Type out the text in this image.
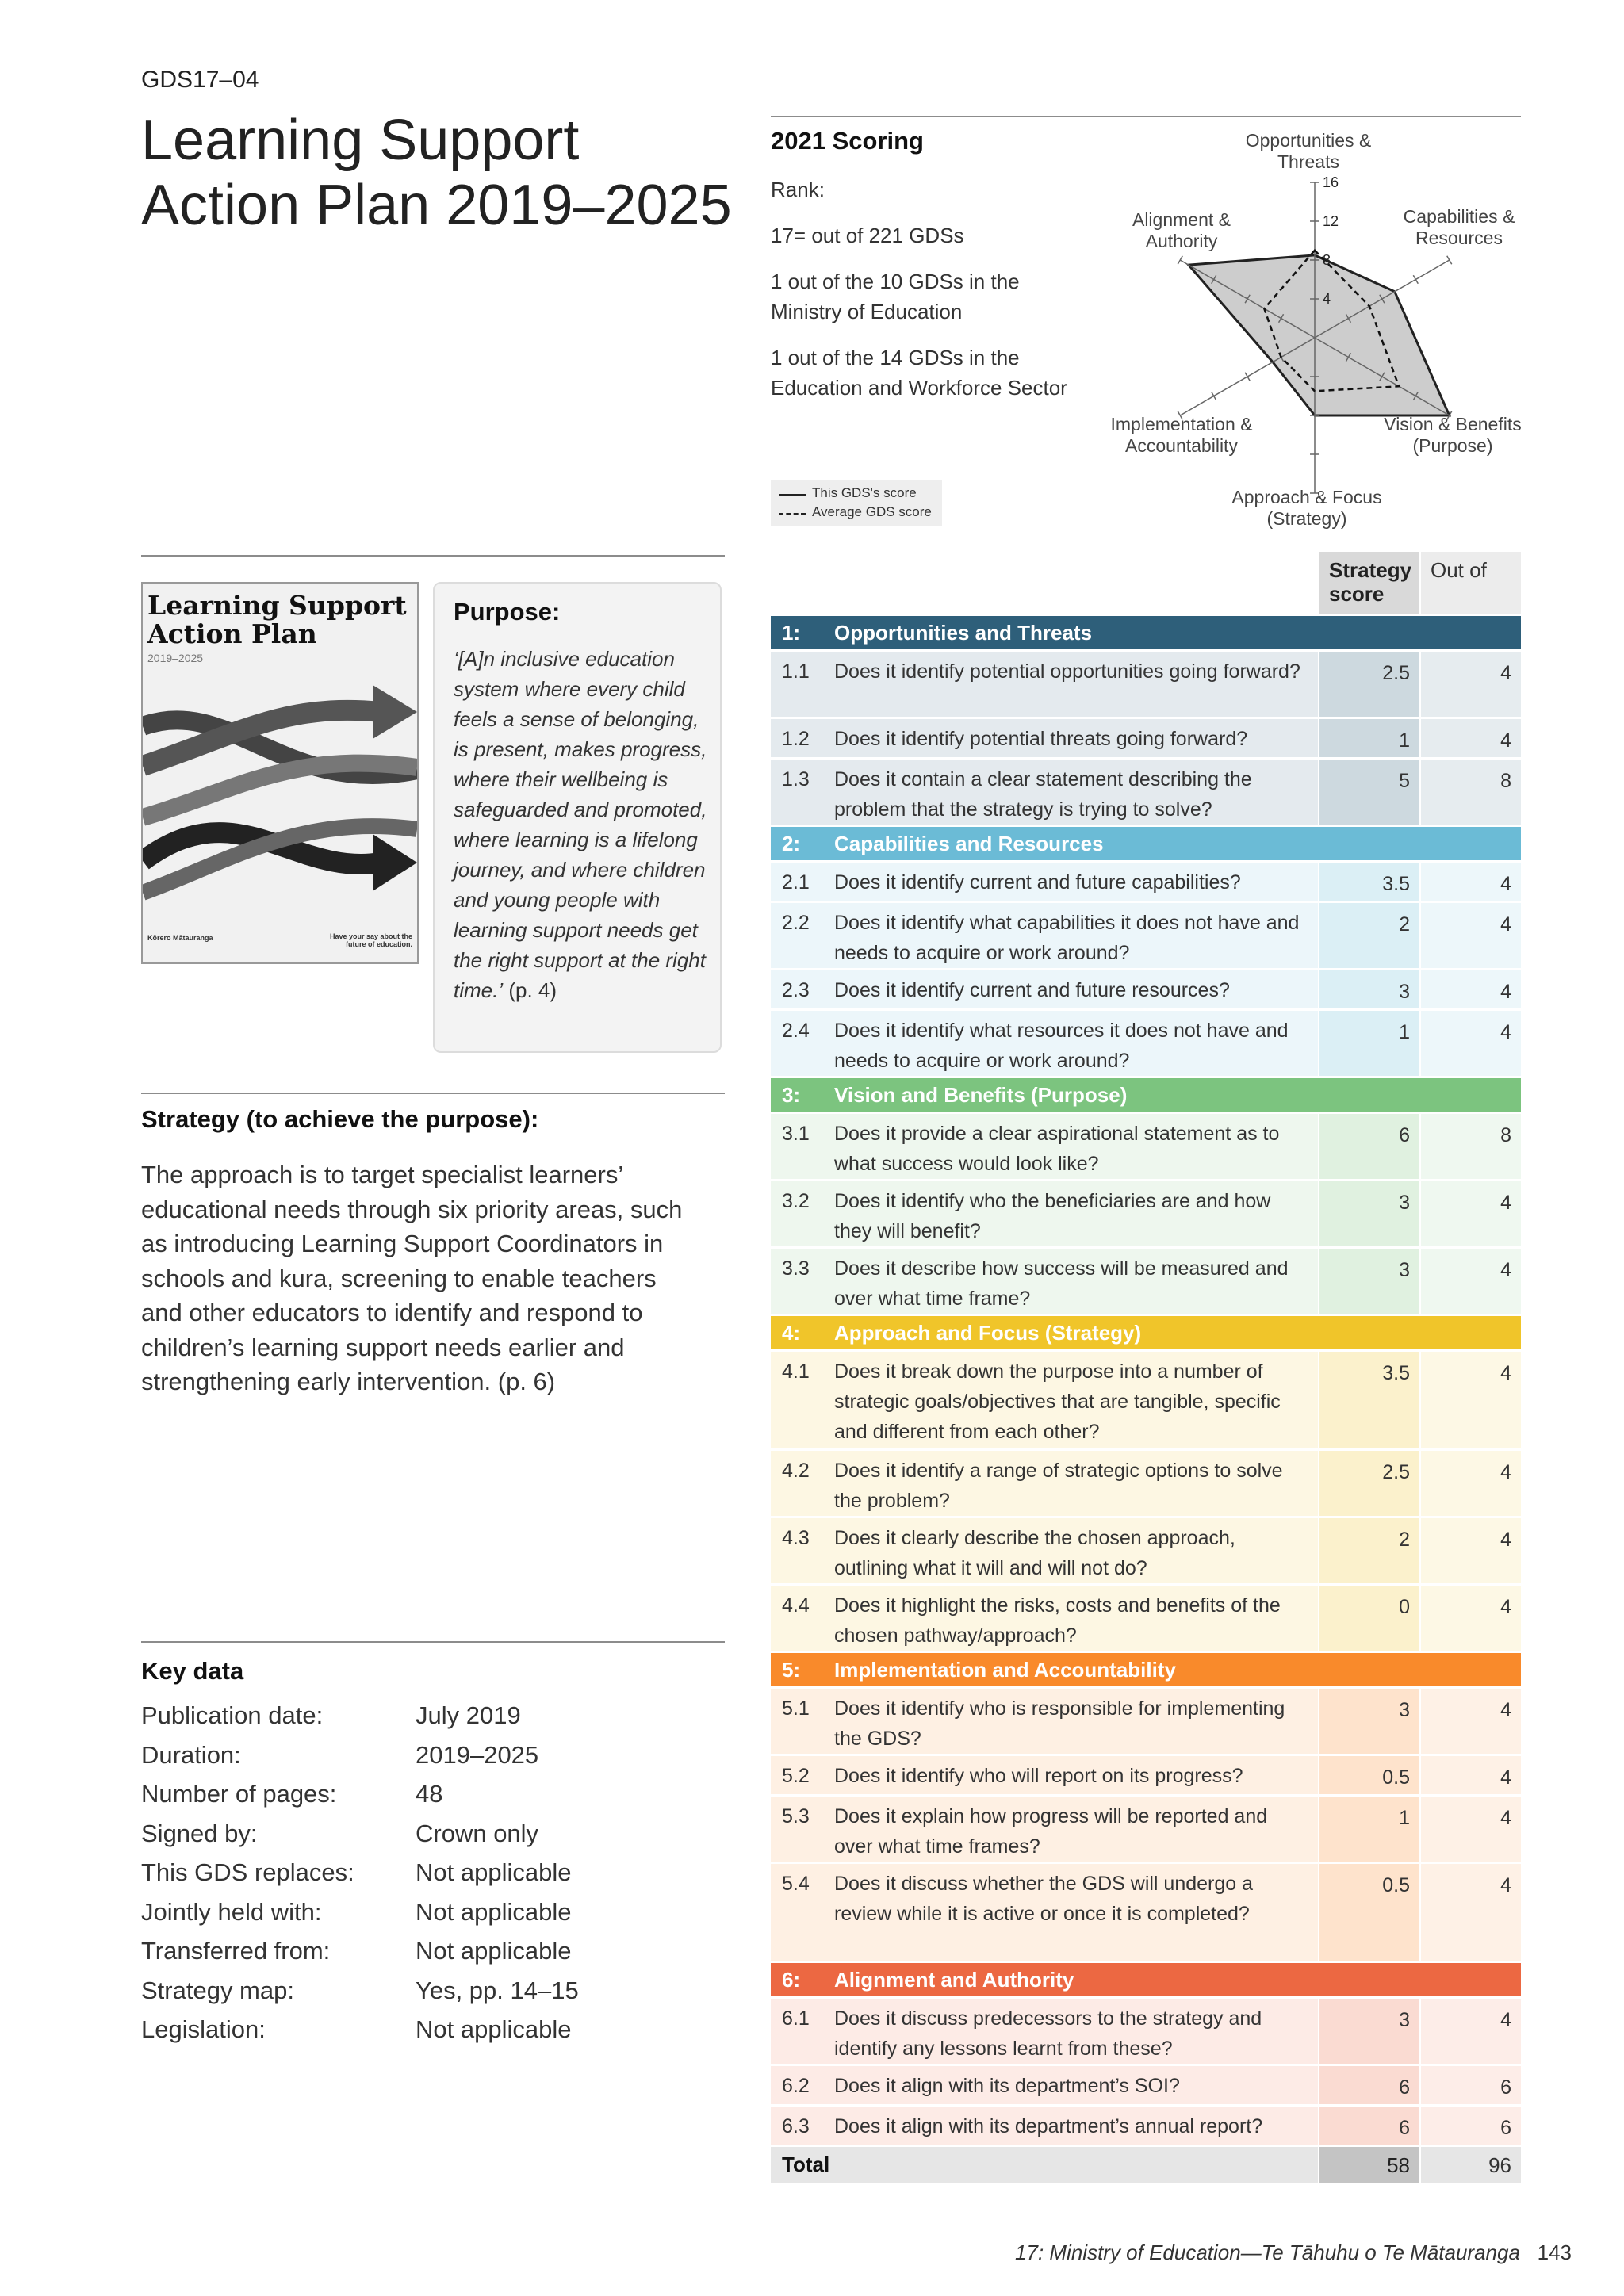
GDS17–04
Learning Support Action Plan 2019–2025
2021 Scoring
Rank:
17= out of 221 GDSs
1 out of the 10 GDSs in the Ministry of Education
1 out of the 14 GDSs in the Education and Workforce Sector
4
8
12
16
Opportunities & Threats
Capabilities & Resources
Vision & Benefits (Purpose)
Approach & Focus (Strategy)
Implementation & Accountability
Alignment & Authority
This GDS's score
Average GDS score
Learning Support Action Plan
2019–2025
Kōrero Mātauranga	Have your say about the future of education.
Purpose:
‘[A]n inclusive education system where every child feels a sense of belonging, is present, makes progress, where their wellbeing is safeguarded and promoted, where learning is a lifelong journey, and where children and young people with learning support needs get the right support at the right time.’ (p. 4)
Strategy (to achieve the purpose):
The approach is to target specialist learners’ educational needs through six priority areas, such as introducing Learning Support Coordinators in schools and kura, screening to enable teachers and other educators to identify and respond to children’s learning support needs earlier and strengthening early intervention. (p. 6)
Key data
Publication date:	July 2019
Duration:	2019–2025
Number of pages:	48
Signed by:	Crown only
This GDS replaces: Not applicable
Jointly held with:	Not applicable
Transferred from:	Not applicable
Strategy map:	Yes, pp. 14–15
Legislation:	Not applicable
Strategy score
Out of
1: Opportunities and Threats
1.1 Does it identify potential opportunities going forward?	2.5	4
1.2 Does it identify potential threats going forward?	1	4
1.3 Does it contain a clear statement describing the problem that the strategy is trying to solve?
5	8
2: Capabilities and Resources
2.1 Does it identify current and future capabilities?	3.5	4
2.2 Does it identify what capabilities it does not have and needs to acquire or work around?
2	4
2.3 Does it identify current and future resources?	3	4
2.4 Does it identify what resources it does not have and needs to acquire or work around?
1	4
3: Vision and Benefits (Purpose)
3.1 Does it provide a clear aspirational statement as to what success would look like?
6	8
3.2 Does it identify who the beneficiaries are and how they will benefit?
3	4
3.3 Does it describe how success will be measured and over what time frame?
3	4
4: Approach and Focus (Strategy)
4.1 Does it break down the purpose into a number of strategic goals/objectives that are tangible, specific and different from each other?
3.5	4
4.2 Does it identify a range of strategic options to solve the problem?
2.5	4
4.3 Does it clearly describe the chosen approach, outlining what it will and will not do?
2	4
4.4 Does it highlight the risks, costs and benefits of the chosen pathway/approach?
0	4
5: Implementation and Accountability
5.1 Does it identify who is responsible for implementing the GDS?
3	4
5.2 Does it identify who will report on its progress?	0.5	4
5.3 Does it explain how progress will be reported and over what time frames?
1	4
5.4 Does it discuss whether the GDS will undergo a review while it is active or once it is completed?
0.5	4
6: Alignment and Authority
6.1 Does it discuss predecessors to the strategy and identify any lessons learnt from these?
3	4
6.2 Does it align with its department’s SOI?	6	6
6.3 Does it align with its department’s annual report?	6	6
Total	58	96
17: Ministry of Education—Te Tāhuhu o Te Mātauranga 143
